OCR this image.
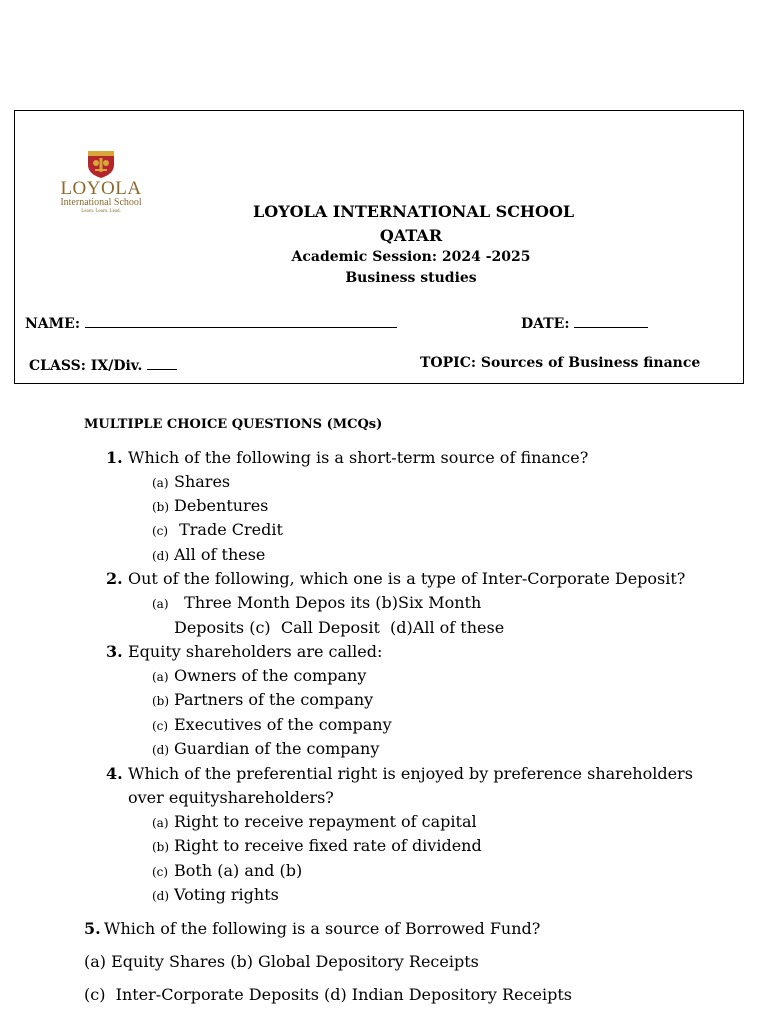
LOYOLA
International School
Learn. Learn. Lead.	LOYOLA INTERNATIONAL SCHOOL
QATAR
Academic Session: 2024 -2025
Business studies
NAME:	DATE:
CLASS: IX/Div.	TOPIC: Sources of Business finance
MULTIPLE CHOICE QUESTIONS (MCQs)
1. Which of the following is a short-term source of finance?
(a) Shares
(b) Debentures
(c) Trade Credit
(d) All of these
2. Out of the following, which one is a type of Inter-Corporate Deposit?
(a)  Three Month Depos its (b)Six Month
Deposits (c)  Call Deposit  (d)All of these
3. Equity shareholders are called:
(a) Owners of the company
(b) Partners of the company
(c) Executives of the company
(d) Guardian of the company
4. Which of the preferential right is enjoyed by preference shareholders
over equityshareholders?
(a) Right to receive repayment of capital
(b) Right to receive fixed rate of dividend
(c) Both (a) and (b)
(d) Voting rights
5. Which of the following is a source of Borrowed Fund?
(a) Equity Shares (b) Global Depository Receipts
(c)  Inter-Corporate Deposits (d) Indian Depository Receipts
